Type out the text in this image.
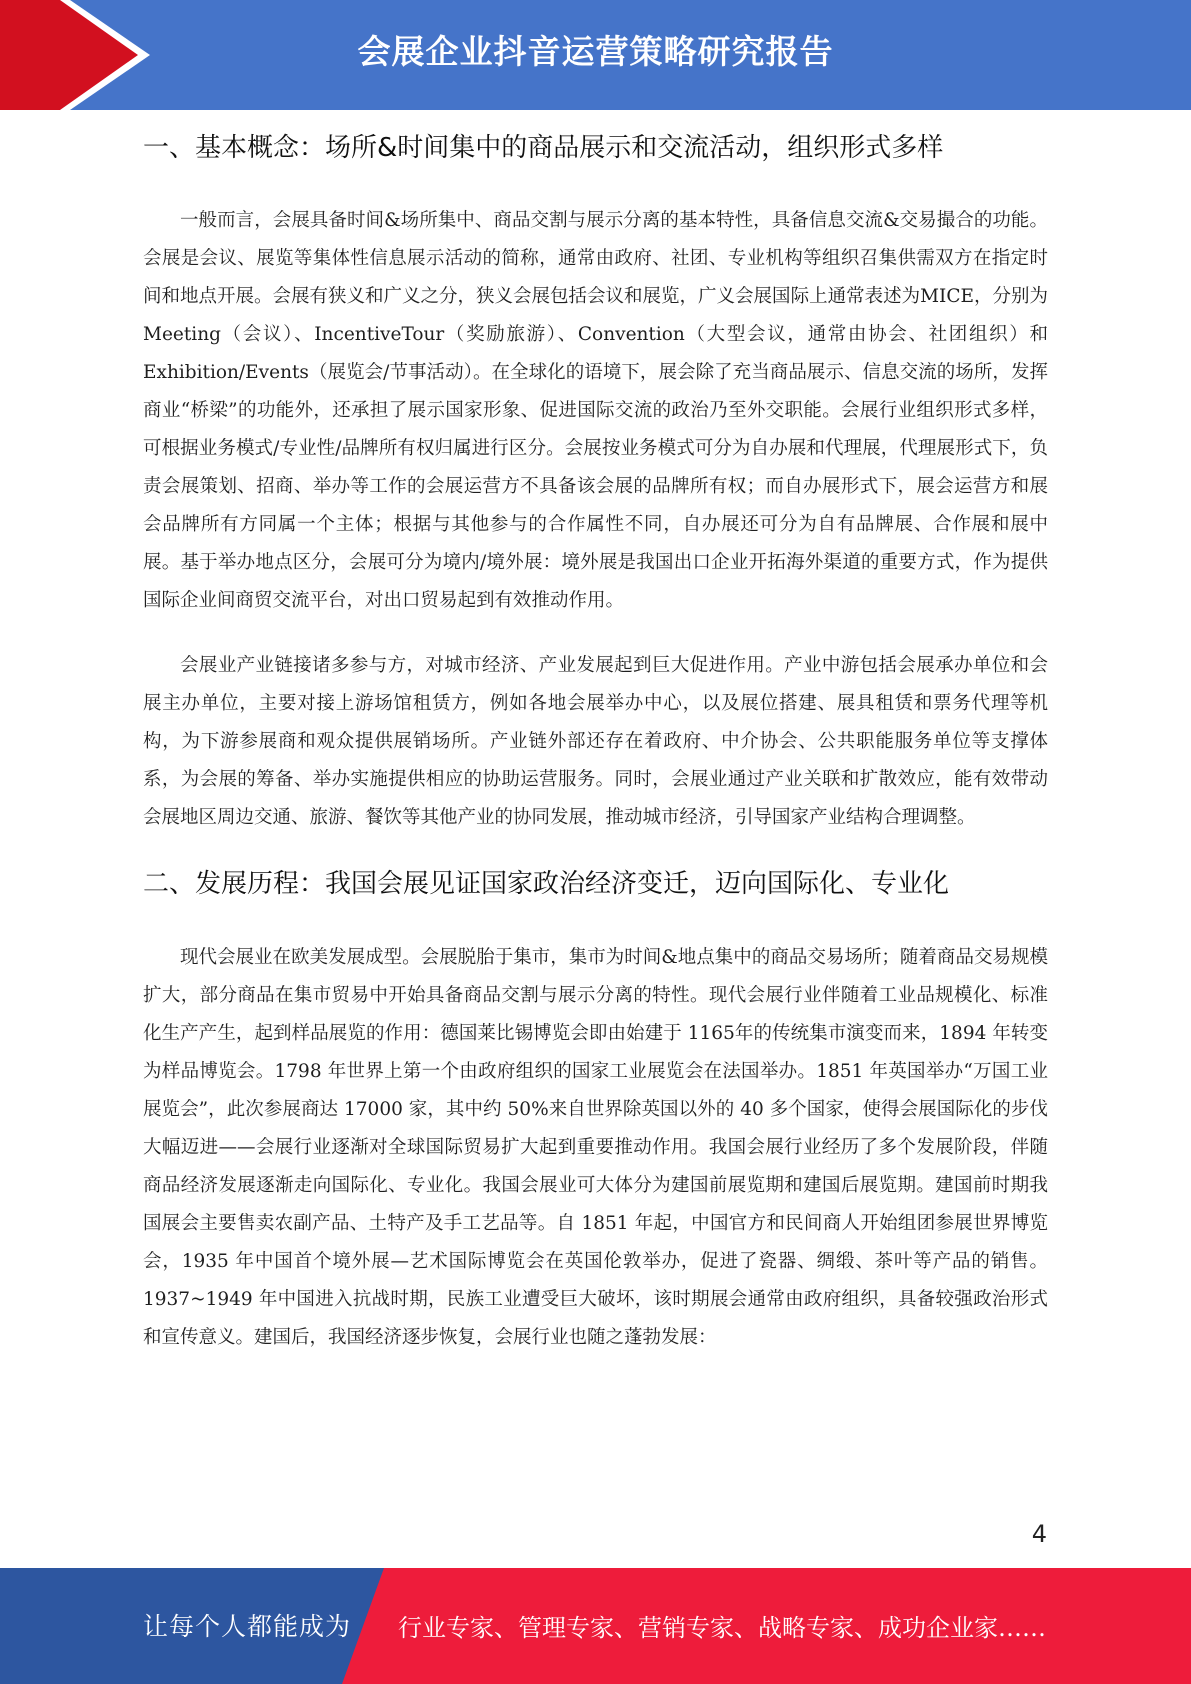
会展企业抖音运营策略研究报告
一、基本概念：场所&时间集中的商品展示和交流活动，组织形式多样

一般而言，会展具备时间&场所集中、商品交割与展示分离的基本特性，具备信息交流&交易撮合的功能。会展是会议、展览等集体性信息展示活动的简称，通常由政府、社团、专业机构等组织召集供需双方在指定时间和地点开展。会展有狭义和广义之分，狭义会展包括会议和展览，广义会展国际上通常表述为MICE，分别为Meeting（会议）、IncentiveTour（奖励旅游）、Convention（大型会议，通常由协会、社团组织）和Exhibition/Events（展览会/节事活动）。在全球化的语境下，展会除了充当商品展示、信息交流的场所，发挥商业“桥梁”的功能外，还承担了展示国家形象、促进国际交流的政治乃至外交职能。会展行业组织形式多样，可根据业务模式/专业性/品牌所有权归属进行区分。会展按业务模式可分为自办展和代理展，代理展形式下，负责会展策划、招商、举办等工作的会展运营方不具备该会展的品牌所有权；而自办展形式下，展会运营方和展会品牌所有方同属一个主体；根据与其他参与的合作属性不同，自办展还可分为自有品牌展、合作展和展中展。基于举办地点区分，会展可分为境内/境外展：境外展是我国出口企业开拓海外渠道的重要方式，作为提供国际企业间商贸交流平台，对出口贸易起到有效推动作用。

会展业产业链接诸多参与方，对城市经济、产业发展起到巨大促进作用。产业中游包括会展承办单位和会展主办单位，主要对接上游场馆租赁方，例如各地会展举办中心，以及展位搭建、展具租赁和票务代理等机构，为下游参展商和观众提供展销场所。产业链外部还存在着政府、中介协会、公共职能服务单位等支撑体系，为会展的筹备、举办实施提供相应的协助运营服务。同时，会展业通过产业关联和扩散效应，能有效带动会展地区周边交通、旅游、餐饮等其他产业的协同发展，推动城市经济，引导国家产业结构合理调整。

二、发展历程：我国会展见证国家政治经济变迁，迈向国际化、专业化

现代会展业在欧美发展成型。会展脱胎于集市，集市为时间&地点集中的商品交易场所；随着商品交易规模扩大，部分商品在集市贸易中开始具备商品交割与展示分离的特性。现代会展行业伴随着工业品规模化、标准化生产产生，起到样品展览的作用：德国莱比锡博览会即由始建于 1165年的传统集市演变而来，1894 年转变为样品博览会。1798 年世界上第一个由政府组织的国家工业展览会在法国举办。1851 年英国举办“万国工业展览会”，此次参展商达 17000 家，其中约 50%来自世界除英国以外的 40 多个国家，使得会展国际化的步伐大幅迈进——会展行业逐渐对全球国际贸易扩大起到重要推动作用。我国会展行业经历了多个发展阶段，伴随商品经济发展逐渐走向国际化、专业化。我国会展业可大体分为建国前展览期和建国后展览期。建国前时期我国展会主要售卖农副产品、土特产及手工艺品等。自 1851 年起，中国官方和民间商人开始组团参展世界博览会，1935 年中国首个境外展—艺术国际博览会在英国伦敦举办，促进了瓷器、绸缎、茶叶等产品的销售。1937~1949 年中国进入抗战时期，民族工业遭受巨大破坏，该时期展会通常由政府组织，具备较强政治形式和宣传意义。建国后，我国经济逐步恢复，会展行业也随之蓬勃发展：

4
让每个人都能成为 行业专家、管理专家、营销专家、战略专家、成功企业家……
